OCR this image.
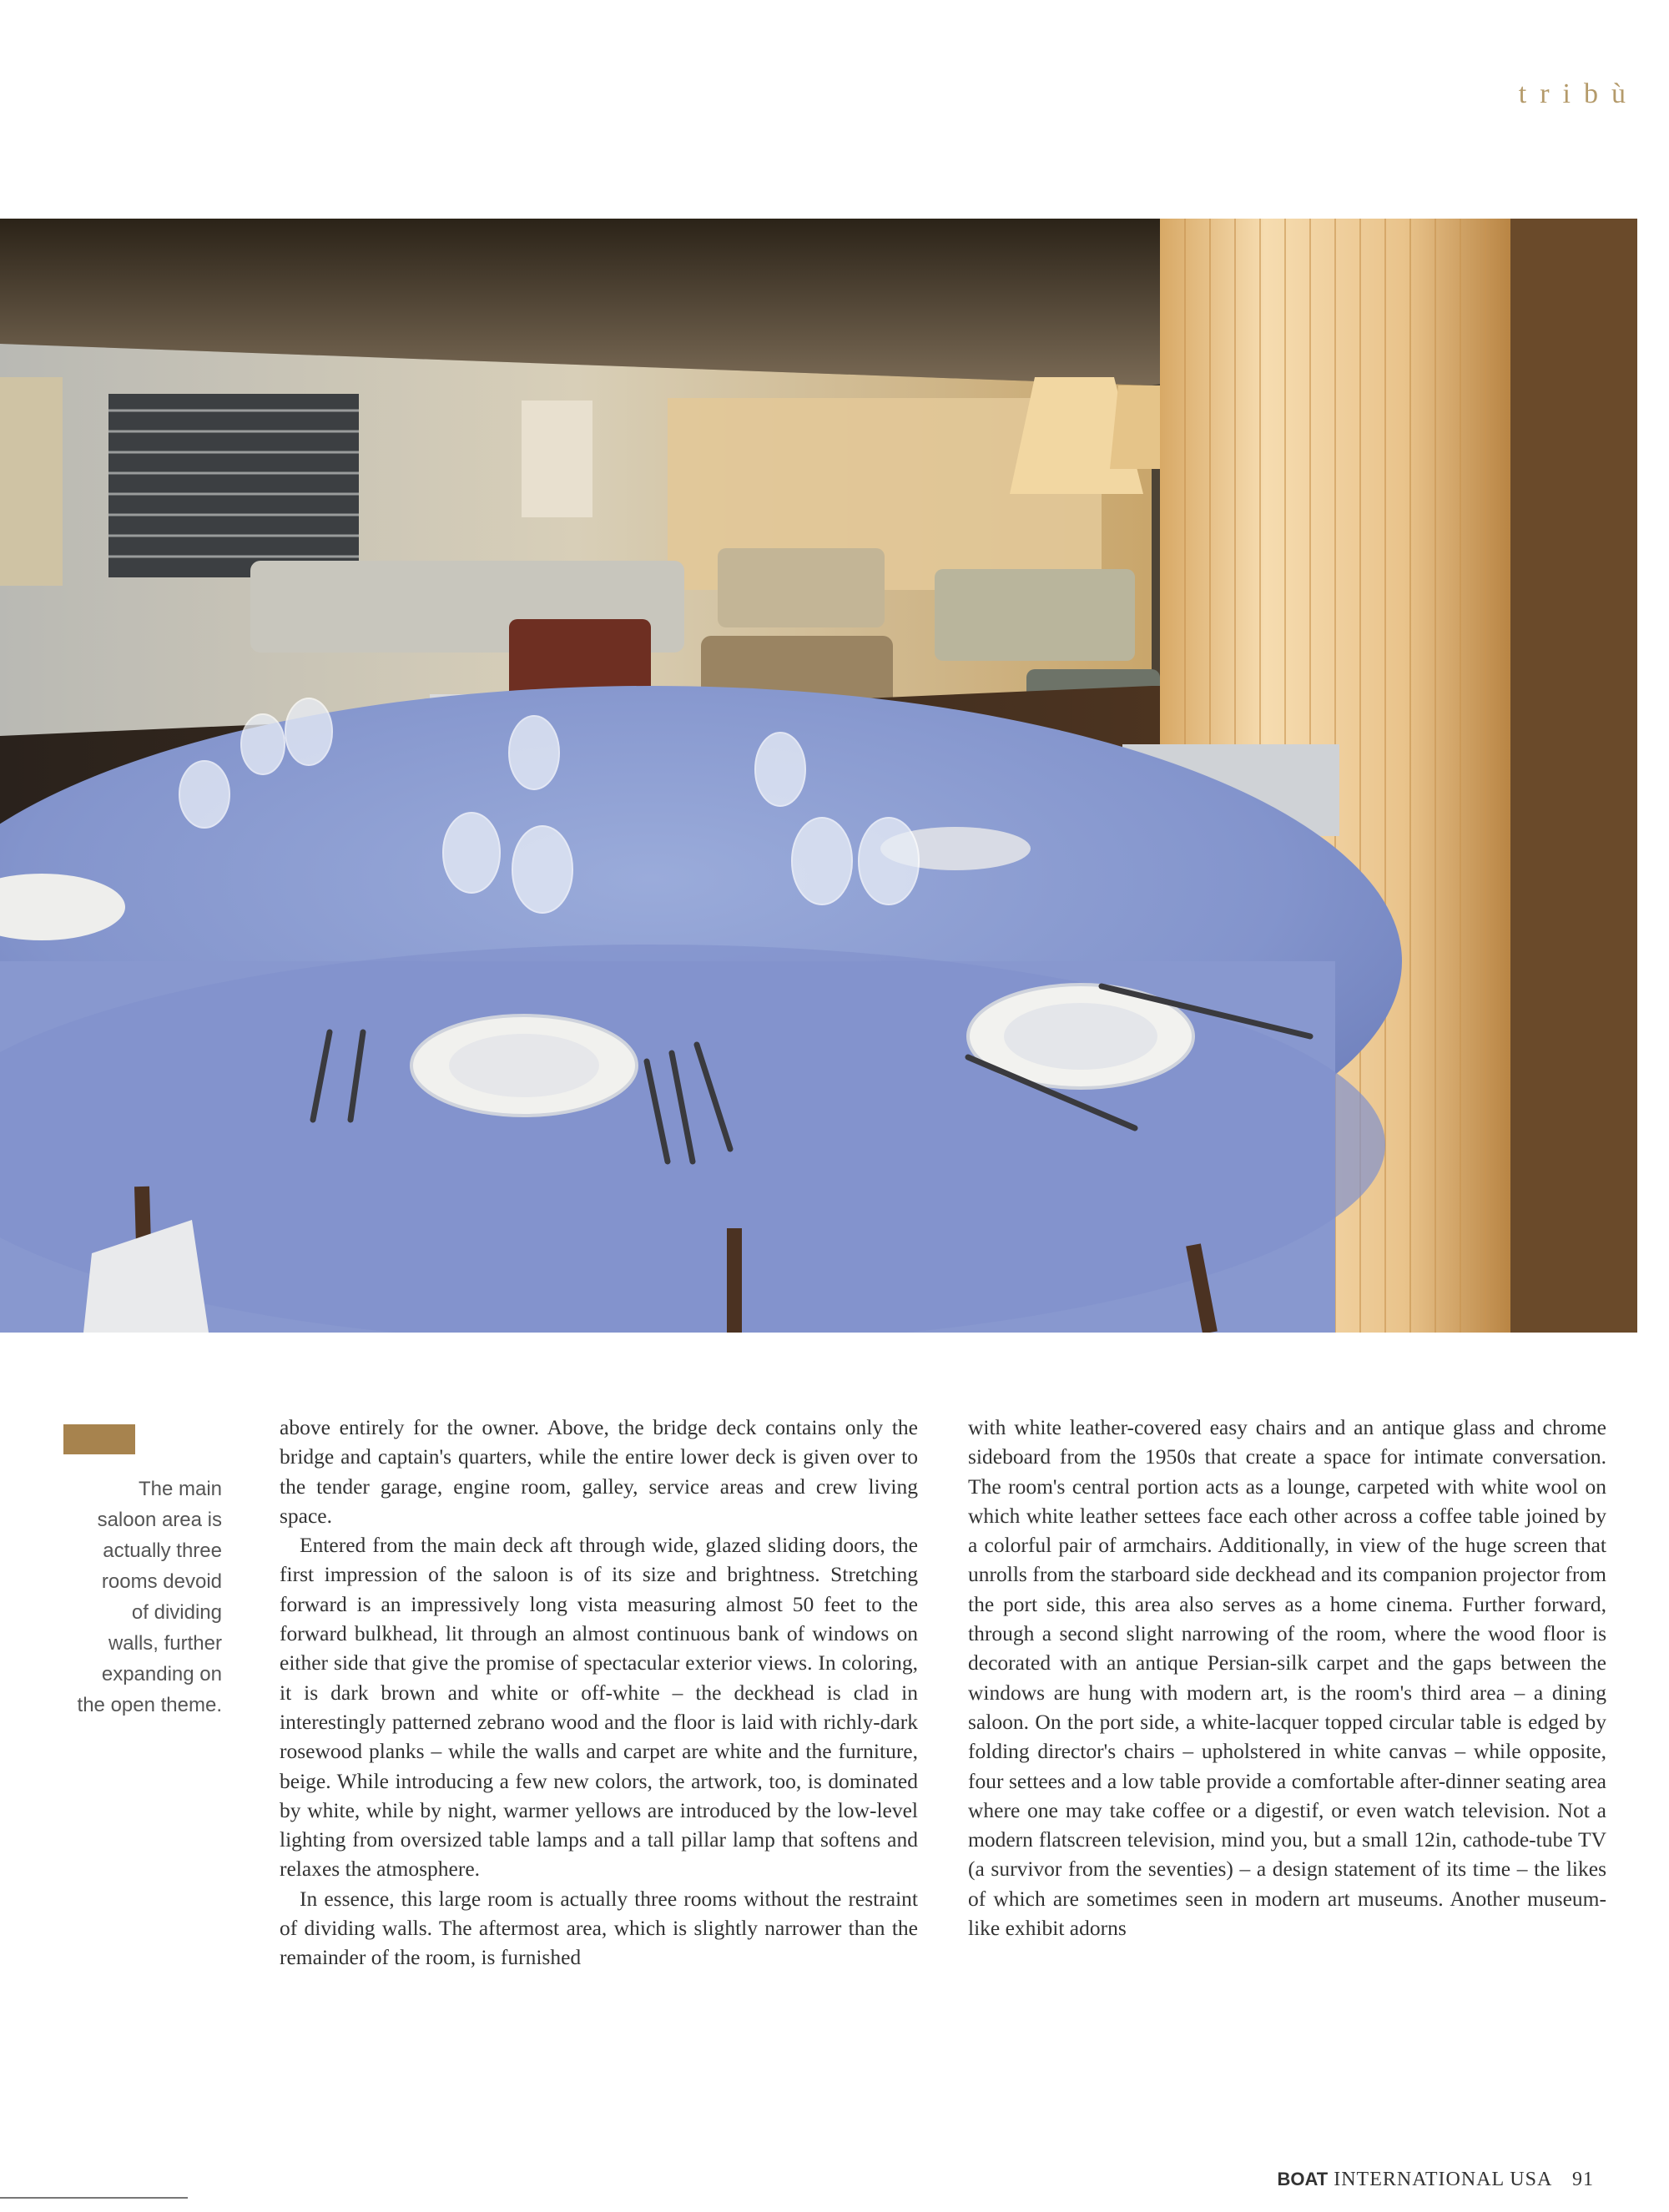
tribù
The main
saloon area is
actually three
rooms devoid
of dividing
walls, further
expanding on
the open theme.

above entirely for the owner. Above, the bridge deck contains only the bridge and captain's quarters, while the entire lower deck is given over to the tender garage, engine room, galley, service areas and crew living space.

Entered from the main deck aft through wide, glazed sliding doors, the first impression of the saloon is of its size and brightness. Stretching forward is an impressively long vista measuring almost 50 feet to the forward bulkhead, lit through an almost continuous bank of windows on either side that give the promise of spectacular exterior views. In coloring, it is dark brown and white or off-white – the deckhead is clad in interestingly patterned zebrano wood and the floor is laid with richly-dark rosewood planks – while the walls and carpet are white and the furniture, beige. While introducing a few new colors, the artwork, too, is dominated by white, while by night, warmer yellows are introduced by the low-level lighting from oversized table lamps and a tall pillar lamp that softens and relaxes the atmosphere.

In essence, this large room is actually three rooms without the restraint of dividing walls. The aftermost area, which is slightly narrower than the remainder of the room, is furnished

with white leather-covered easy chairs and an antique glass and chrome sideboard from the 1950s that create a space for intimate conversation. The room's central portion acts as a lounge, carpeted with white wool on which white leather settees face each other across a coffee table joined by a colorful pair of armchairs. Additionally, in view of the huge screen that unrolls from the starboard side deckhead and its companion projector from the port side, this area also serves as a home cinema. Further forward, through a second slight narrowing of the room, where the wood floor is decorated with an antique Persian-silk carpet and the gaps between the windows are hung with modern art, is the room's third area – a dining saloon. On the port side, a white-lacquer topped circular table is edged by folding director's chairs – upholstered in white canvas – while opposite, four settees and a low table provide a comfortable after-dinner seating area where one may take coffee or a digestif, or even watch television. Not a modern flatscreen television, mind you, but a small 12in, cathode-tube TV (a survivor from the seventies) – a design statement of its time – the likes of which are sometimes seen in modern art museums. Another museum-like exhibit adorns

BOAT INTERNATIONAL USA 91
